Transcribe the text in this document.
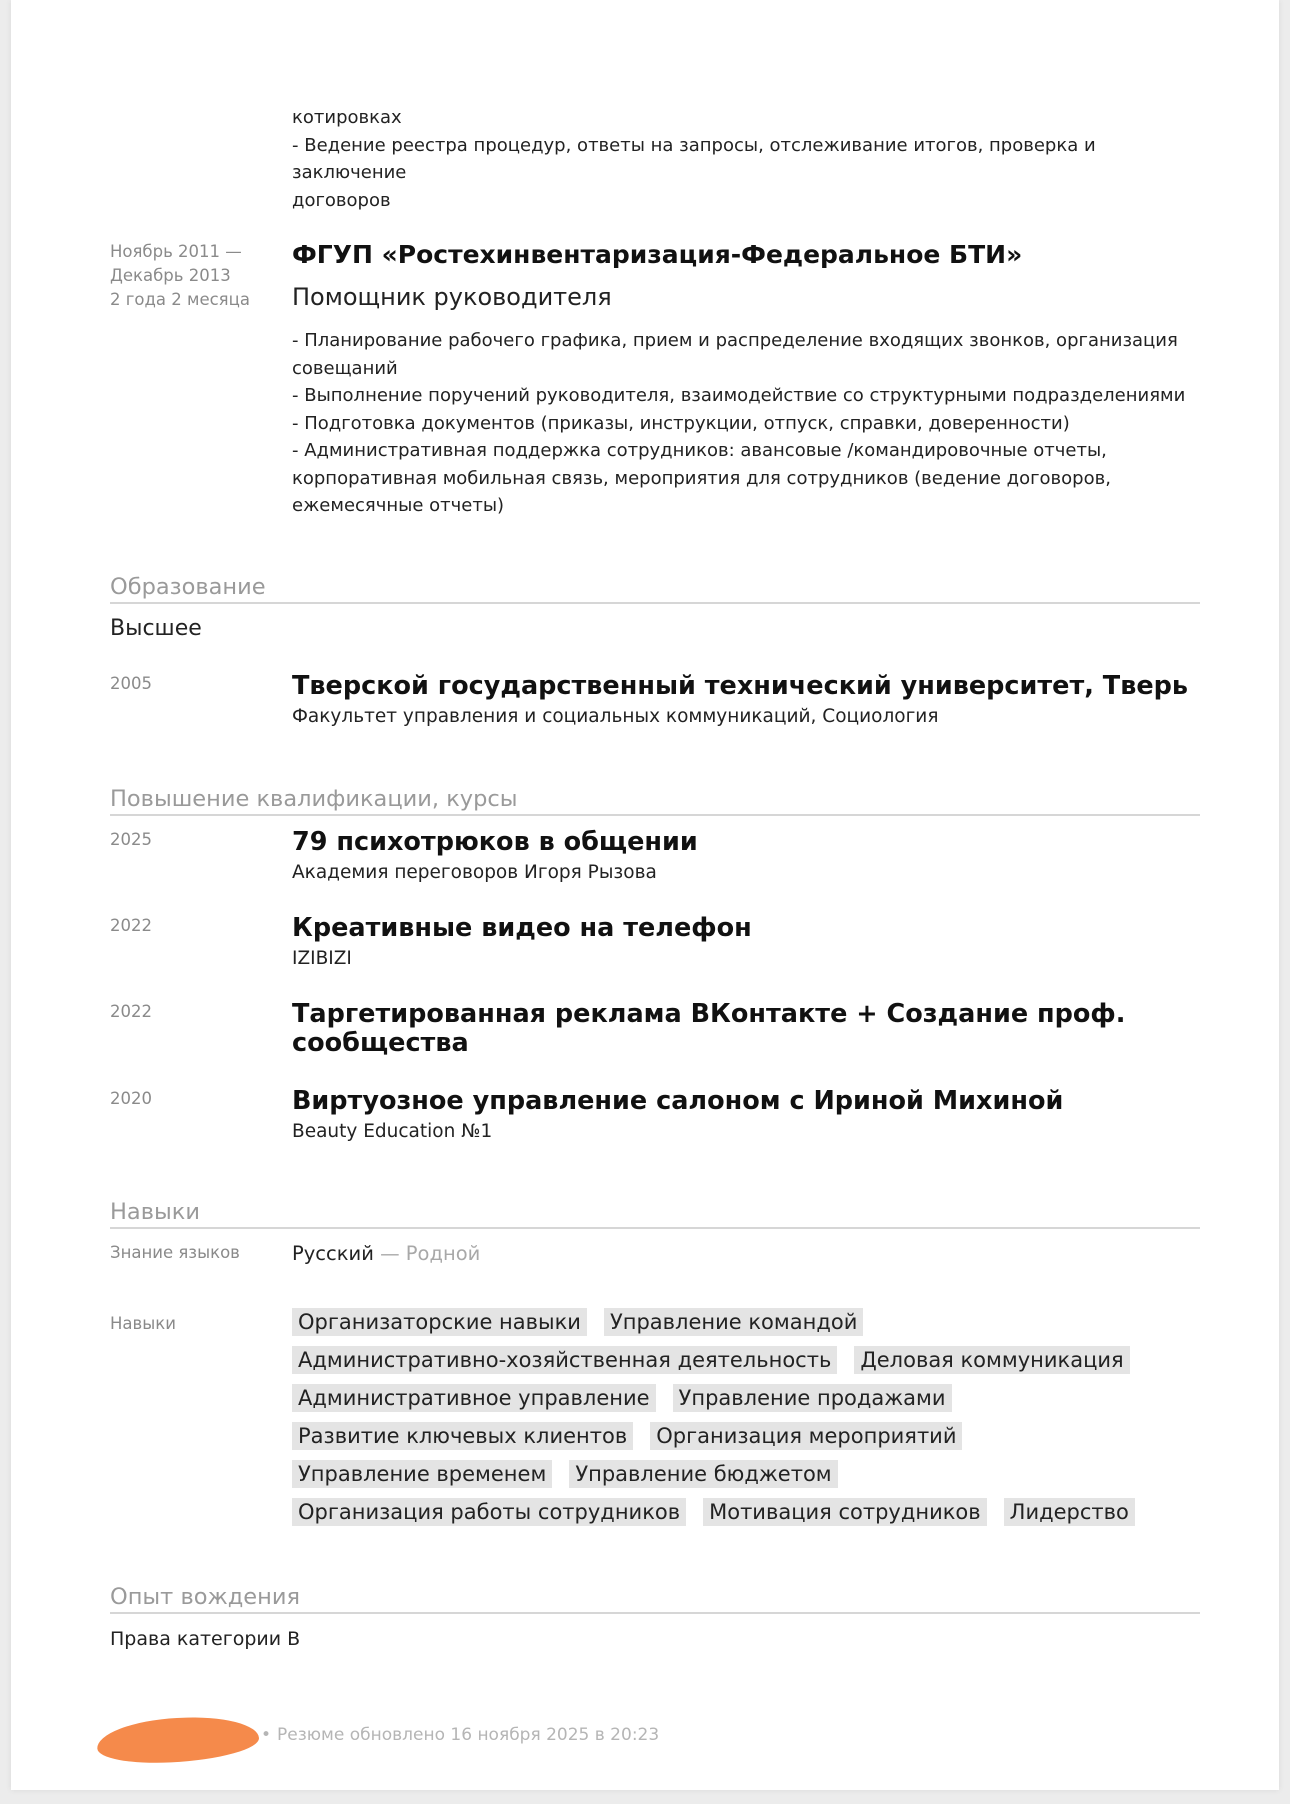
котировках
- Ведение реестра процедур, ответы на запросы, отслеживание итогов, проверка и заключение
договоров
Ноябрь 2011 —
Декабрь 2013
2 года 2 месяца
ФГУП «Ростехинвентаризация-Федеральное БТИ»
Помощник руководителя
- Планирование рабочего графика, прием и распределение входящих звонков, организация
совещаний
- Выполнение поручений руководителя, взаимодействие со структурными подразделениями
- Подготовка документов (приказы, инструкции, отпуск, справки, доверенности)
- Административная поддержка сотрудников: авансовые /командировочные отчеты,
корпоративная мобильная связь, мероприятия для сотрудников (ведение договоров,
ежемесячные отчеты)
Образование
Высшее
2005	Тверской государственный технический университет, Тверь
Факультет управления и социальных коммуникаций, Социология
Повышение квалификации, курсы
2025	79 психотрюков в общении
Академия переговоров Игоря Рызова
2022	Креативные видео на телефон
IZIBIZI
2022	Таргетированная реклама ВКонтакте + Создание проф.
сообщества
2020	Виртуозное управление салоном с Ириной Михиной
Beauty Education №1
Навыки
Знание языков	Русский — Родной
Навыки	Организаторские навыки Управление командой
Административно-хозяйственная деятельность Деловая коммуникация
Административное управление Управление продажами
Развитие ключевых клиентов Организация мероприятий
Управление временем Управление бюджетом
Организация работы сотрудников Мотивация сотрудников Лидерство
Опыт вождения
Права категории B
• Резюме обновлено 16 ноября 2025 в 20:23
